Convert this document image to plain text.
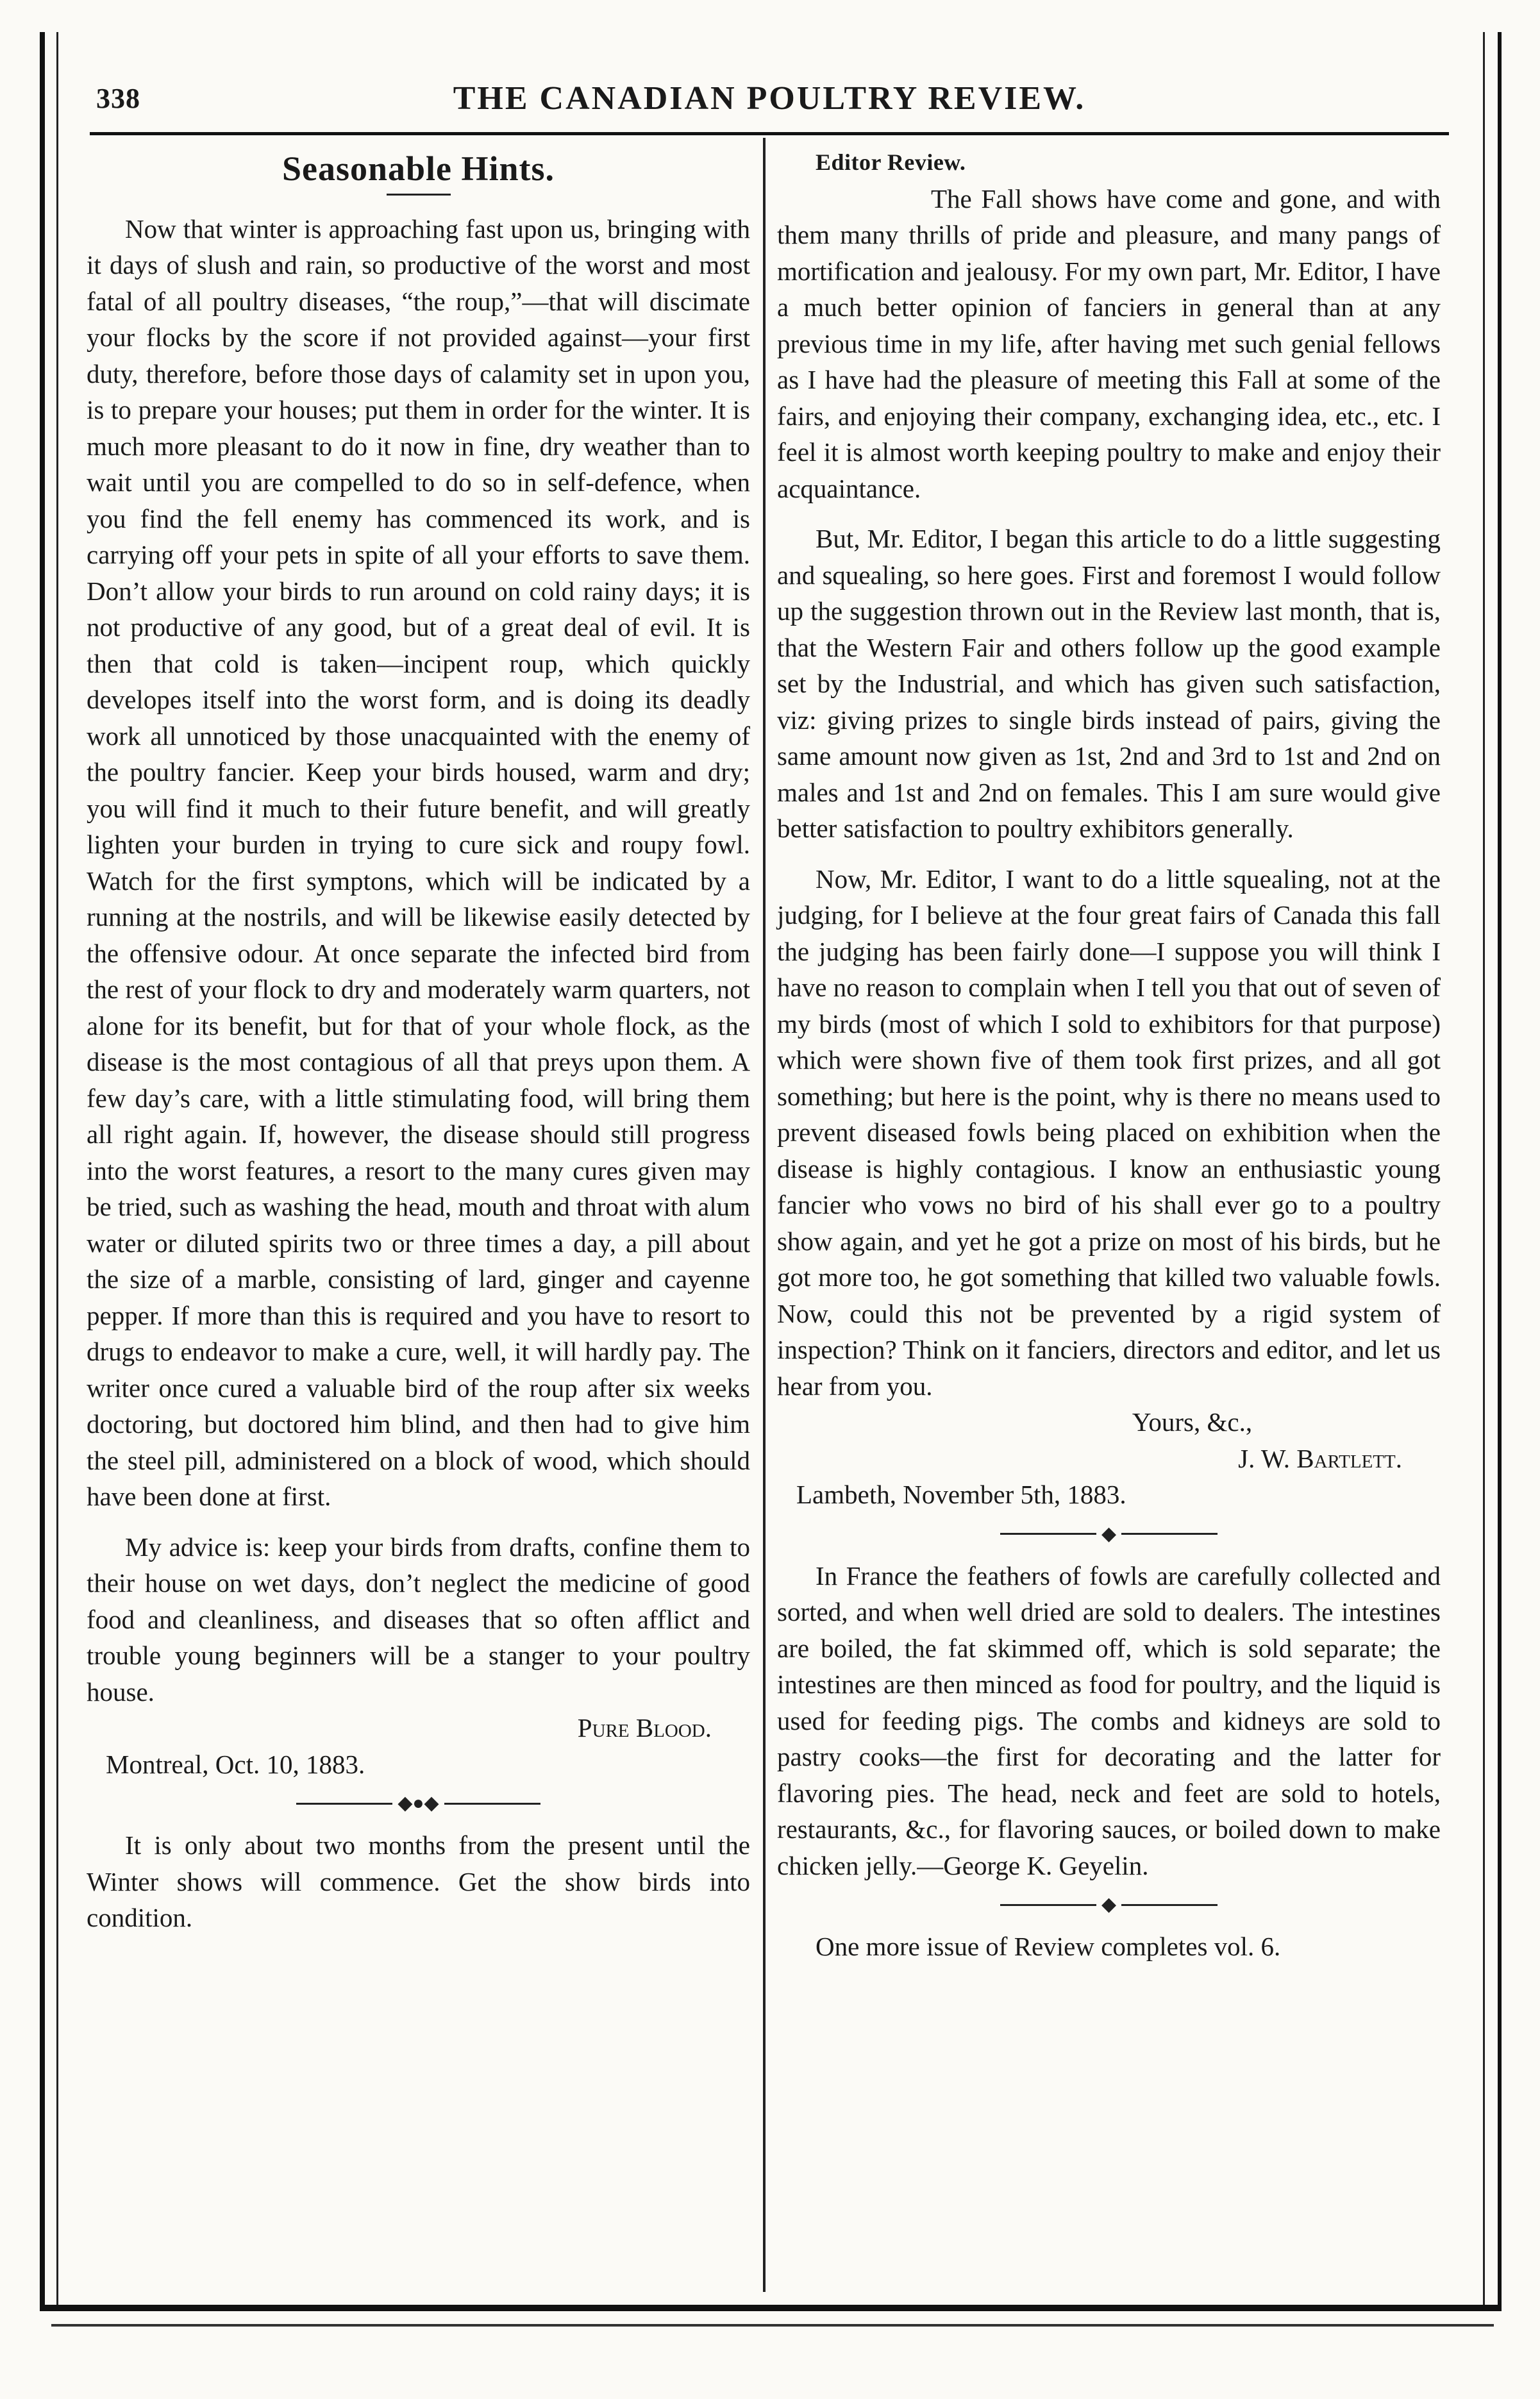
338	THE CANADIAN POULTRY REVIEW.
Seasonable Hints.

Now that winter is approaching fast upon us, bringing with it days of slush and rain, so productive of the worst and most fatal of all poultry diseases, “the roup,”—that will discimate your flocks by the score if not provided against—your first duty, therefore, before those days of calamity set in upon you, is to prepare your houses; put them in order for the winter. It is much more pleasant to do it now in fine, dry weather than to wait until you are compelled to do so in self-defence, when you find the fell enemy has commenced its work, and is carrying off your pets in spite of all your efforts to save them. Don’t allow your birds to run around on cold rainy days; it is not productive of any good, but of a great deal of evil. It is then that cold is taken—incipent roup, which quickly developes itself into the worst form, and is doing its deadly work all unnoticed by those unacquainted with the enemy of the poultry fancier. Keep your birds housed, warm and dry; you will find it much to their future benefit, and will greatly lighten your burden in trying to cure sick and roupy fowl. Watch for the first symptons, which will be indicated by a running at the nostrils, and will be likewise easily detected by the offensive odour. At once separate the infected bird from the rest of your flock to dry and moderately warm quarters, not alone for its benefit, but for that of your whole flock, as the disease is the most contagious of all that preys upon them. A few day’s care, with a little stimulating food, will bring them all right again. If, however, the disease should still progress into the worst features, a resort to the many cures given may be tried, such as washing the head, mouth and throat with alum water or diluted spirits two or three times a day, a pill about the size of a marble, consisting of lard, ginger and cayenne pepper. If more than this is required and you have to resort to drugs to endeavor to make a cure, well, it will hardly pay. The writer once cured a valuable bird of the roup after six weeks doctoring, but doctored him blind, and then had to give him the steel pill, administered on a block of wood, which should have been done at first.

My advice is: keep your birds from drafts, confine them to their house on wet days, don’t neglect the medicine of good food and cleanliness, and diseases that so often afflict and trouble young beginners will be a stanger to your poultry house.

Pure Blood.

Montreal, Oct. 10, 1883.

◆●◆

It is only about two months from the present until the Winter shows will commence. Get the show birds into condition.

Editor Review.

The Fall shows have come and gone, and with them many thrills of pride and pleasure, and many pangs of mortification and jealousy. For my own part, Mr. Editor, I have a much better opinion of fanciers in general than at any previous time in my life, after having met such genial fellows as I have had the pleasure of meeting this Fall at some of the fairs, and enjoying their company, exchanging idea, etc., etc. I feel it is almost worth keeping poultry to make and enjoy their acquaintance.

But, Mr. Editor, I began this article to do a little suggesting and squealing, so here goes. First and foremost I would follow up the suggestion thrown out in the Review last month, that is, that the Western Fair and others follow up the good example set by the Industrial, and which has given such satisfaction, viz: giving prizes to single birds instead of pairs, giving the same amount now given as 1st, 2nd and 3rd to 1st and 2nd on males and 1st and 2nd on females. This I am sure would give better satisfaction to poultry exhibitors generally.

Now, Mr. Editor, I want to do a little squealing, not at the judging, for I believe at the four great fairs of Canada this fall the judging has been fairly done—I suppose you will think I have no reason to complain when I tell you that out of seven of my birds (most of which I sold to exhibitors for that purpose) which were shown five of them took first prizes, and all got something; but here is the point, why is there no means used to prevent diseased fowls being placed on exhibition when the disease is highly contagious. I know an enthusiastic young fancier who vows no bird of his shall ever go to a poultry show again, and yet he got a prize on most of his birds, but he got more too, he got something that killed two valuable fowls. Now, could this not be prevented by a rigid system of inspection? Think on it fanciers, directors and editor, and let us hear from you.

Yours, &c.,

J. W. Bartlett.

Lambeth, November 5th, 1883.

◆

In France the feathers of fowls are carefully collected and sorted, and when well dried are sold to dealers. The intestines are boiled, the fat skimmed off, which is sold separate; the intestines are then minced as food for poultry, and the liquid is used for feeding pigs. The combs and kidneys are sold to pastry cooks—the first for decorating and the latter for flavoring pies. The head, neck and feet are sold to hotels, restaurants, &c., for flavoring sauces, or boiled down to make chicken jelly.—George K. Geyelin.

◆

One more issue of Review completes vol. 6.
